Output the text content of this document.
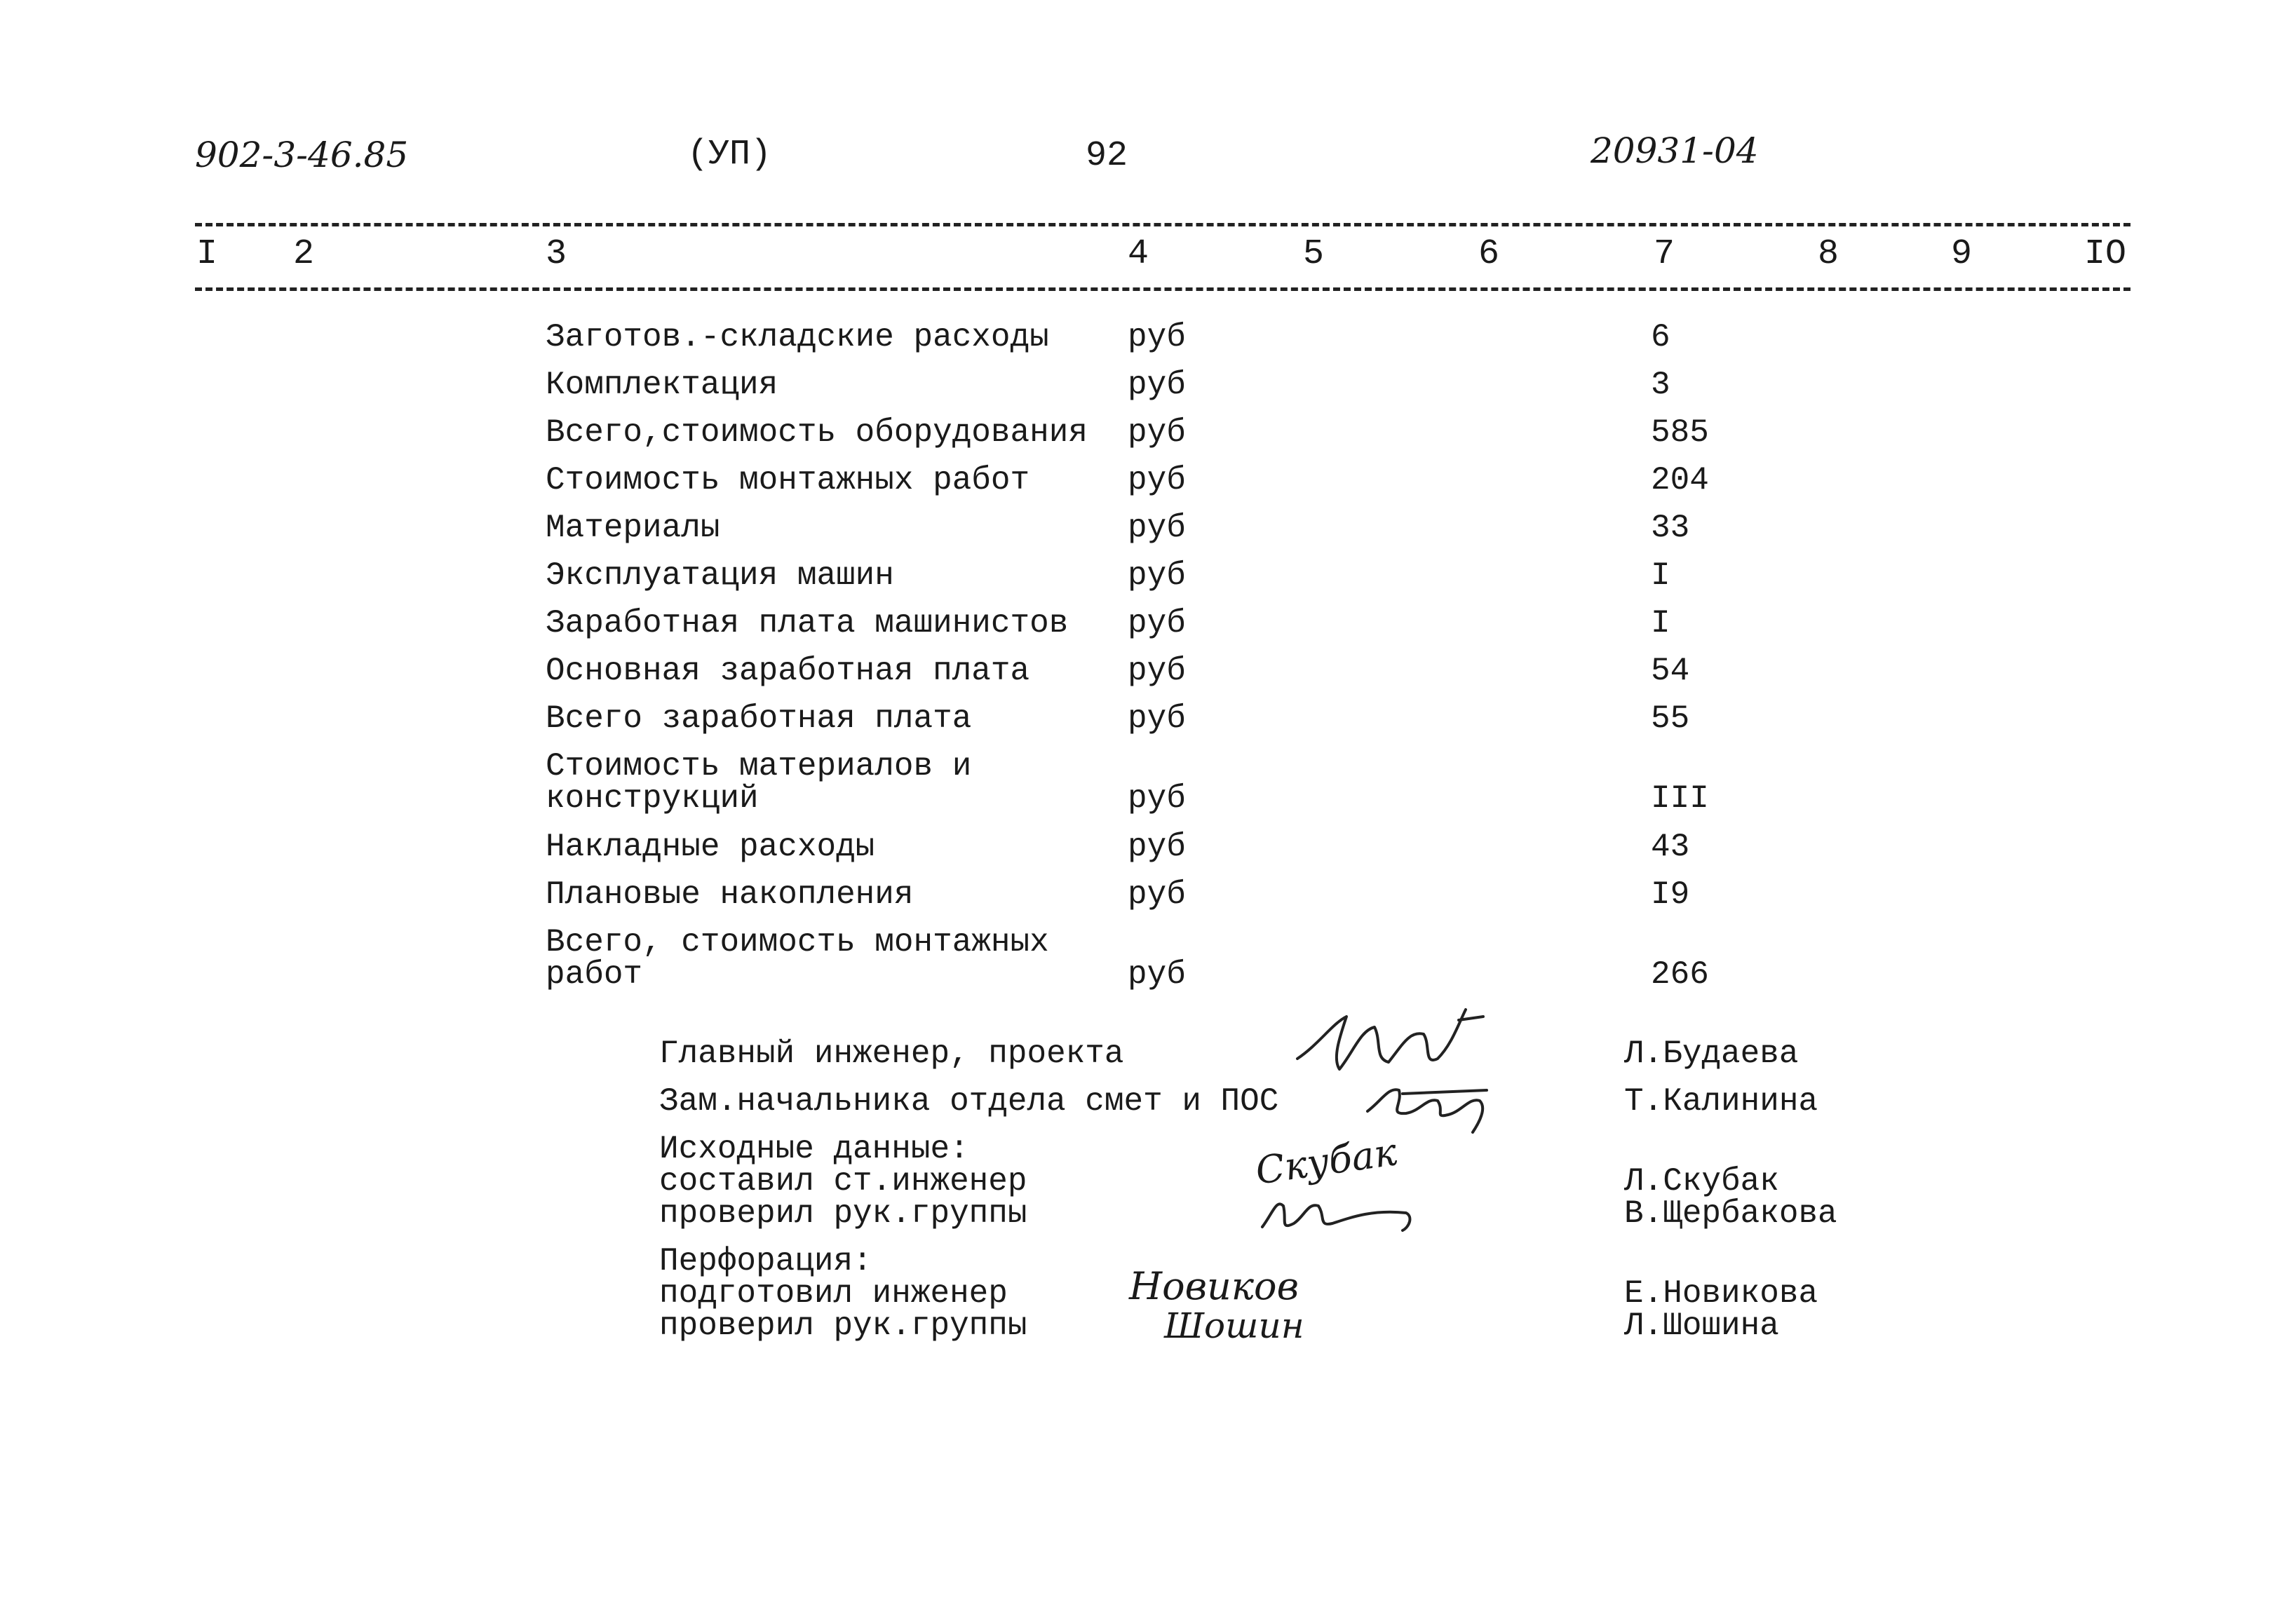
902-3-46.85	(УП)	92	20931-04
I 2	3	4	5	6	7	8	9	IO
Заготов.-складские расходы руб	6
Комплектация	руб	3
Всего,стоимость оборудования руб	585
Стоимость монтажных работ	руб	204
Материалы	руб	33
Эксплуатация машин	руб	I
Заработная плата машинистов руб	I
Основная заработная плата	руб	54
Всего заработная плата	руб	55
Стоимость материалов и
конструкций	руб	III
Накладные расходы	руб	43
Плановые накопления	руб	I9
Всего, стоимость монтажных
работ	руб	266
Главный инженер, проекта	Л.Будаева
Зам.начальника отдела смет и ПОС	Т.Калинина
Исходные данные:
составил ст.инженер	Л.Скубак
проверил рук.группы	В.Щербакова
Перфорация:
подготовил инженер	Е.Новикова
проверил рук.группы	Л.Шошина
Скубак
Новиков
Шошин
